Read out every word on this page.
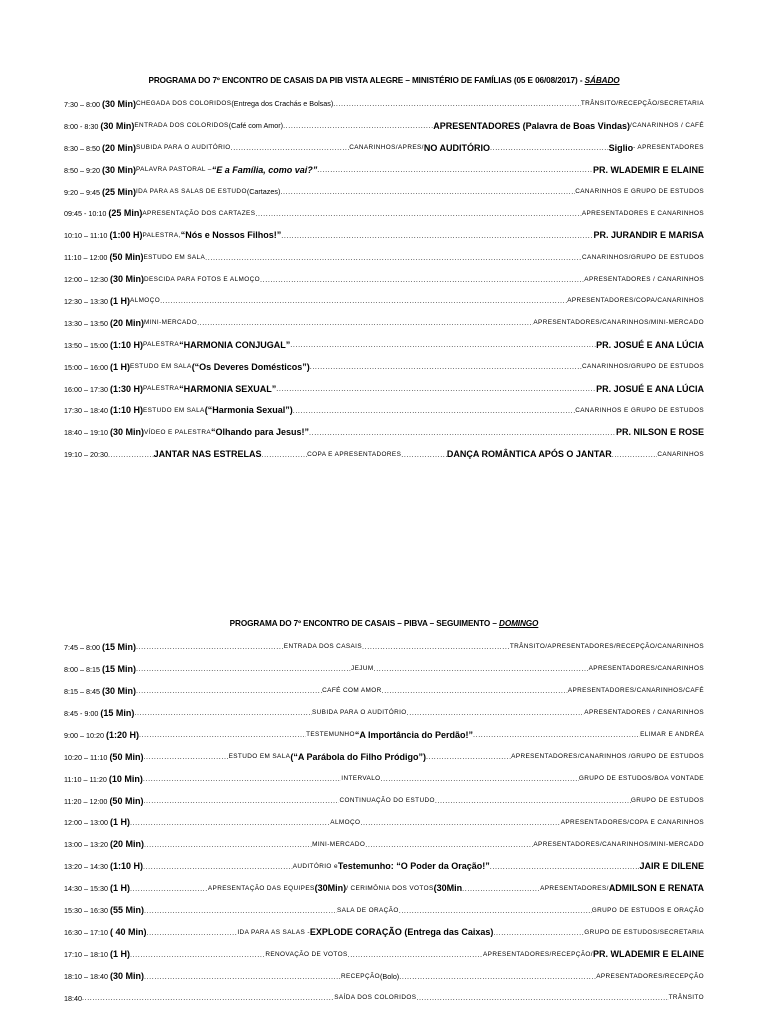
PROGRAMA DO 7º ENCONTRO DE CASAIS DA PIB VISTA ALEGRE – MINISTÉRIO DE FAMÍLIAS (05 E 06/08/2017) - SÁBADO
7:30 – 8:00 (30 Min) CHEGADA DOS COLORIDOS (Entrega dos Crachás e Bolsas) .....	TRÂNSITO/RECEPÇÃO/SECRETARIA
8:00 - 8:30 (30 Min) ENTRADA DOS COLORIDOS (Café com Amor) .....	APRESENTADORES (Palavra de Boas Vindas) /CANARINHOS / CAFÉ
8:30 – 8:50 (20 Min) SUBIDA PARA O AUDITÓRIO .....	CANARINHOS/APRES/ NO AUDITÓRIO .....	Siglio - APRESENTADORES
8:50 – 9:20 (30 Min) PALAVRA PASTORAL – “E a Família, como vai?” .....	PR. WLADEMIR E ELAINE
9:20 – 9:45 (25 Min) IDA PARA AS SALAS DE ESTUDO (Cartazes) .....	CANARINHOS E GRUPO DE ESTUDOS
09:45 - 10:10 (25 Min) APRESENTAÇÃO DOS CARTAZES .....	APRESENTADORES E CANARINHOS
10:10 – 11:10 (1:00 H) PALESTRA, “Nós e Nossos Filhos!” .....	PR. JURANDIR E MARISA
11:10 – 12:00 (50 Min) ESTUDO EM SALA .....	CANARINHOS/GRUPO DE ESTUDOS
12:00 – 12:30 (30 Min) DESCIDA PARA FOTOS E ALMOÇO .....	APRESENTADORES / CANARINHOS
12:30 – 13:30 (1 H) ALMOÇO .....	APRESENTADORES/COPA/CANARINHOS
13:30 – 13:50 (20 Min) MINI-MERCADO .....	APRESENTADORES/CANARINHOS/MINI-MERCADO
13:50 – 15:00 (1:10 H) PALESTRA “HARMONIA CONJUGAL” .....	PR. JOSUÉ E ANA LÚCIA
15:00 – 16:00 (1 H) ESTUDO EM SALA (“Os Deveres Domésticos”) .....	CANARINHOS/GRUPO DE ESTUDOS
16:00 – 17:30 (1:30 H) PALESTRA “HARMONIA SEXUAL” .....	PR. JOSUÉ E ANA LÚCIA
17:30 – 18:40 (1:10 H) ESTUDO EM SALA (“Harmonia Sexual”) .....	CANARINHOS E GRUPO DE ESTUDOS
18:40 – 19:10 (30 Min) VÍDEO E PALESTRA “Olhando para Jesus!” .....	PR. NILSON E ROSE
19:10 – 20:30 .....	JANTAR NAS ESTRELAS .....	COPA E APRESENTADORES .....	DANÇA ROMÂNTICA APÓS O JANTAR .....	CANARINHOS
PROGRAMA DO 7º ENCONTRO DE CASAIS – PIBVA – SEGUIMENTO – DOMINGO
7:45 – 8:00 (15 Min) .....	ENTRADA DOS CASAIS .....	TRÂNSITO/APRESENTADORES/RECEPÇÃO/CANARINHOS
8:00 – 8:15 (15 Min) .....	JEJUM .....	APRESENTADORES/CANARINHOS
8:15 – 8:45 (30 Min) .....	CAFÉ COM AMOR .....	APRESENTADORES/CANARINHOS/CAFÉ
8:45 - 9:00 (15 Min) .....	SUBIDA PARA O AUDITÓRIO .....	APRESENTADORES / CANARINHOS
9:00 – 10:20 (1:20 H) .....	TESTEMUNHO “A Importância do Perdão!” .....	ELIMAR E ANDRÉA
10:20 – 11:10 (50 Min) .....	ESTUDO EM SALA (“A Parábola do Filho Pródigo”) .....	APRESENTADORES/CANARINHOS /GRUPO DE ESTUDOS
11:10 – 11:20 (10 Min) .....	INTERVALO .....	GRUPO DE ESTUDOS/BOA VONTADE
11:20 – 12:00 (50 Min) .....	CONTINUAÇÃO DO ESTUDO .....	GRUPO DE ESTUDOS
12:00 – 13:00 (1 H) .....	ALMOÇO .....	APRESENTADORES/COPA E CANARINHOS
13:00 – 13:20 (20 Min) .....	MINI-MERCADO .....	APRESENTADORES/CANARINHOS/MINI-MERCADO
13:20 – 14:30 (1:10 H) .....	AUDITÓRIO e Testemunho: “O Poder da Oração!” .....	JAIR E DILENE
14:30 – 15:30 (1 H) .....	APRESENTAÇÃO DAS EQUIPES (30Min) / CERIMÔNIA DOS VOTOS (30Min .....	APRESENTADORES/ ADMILSON E RENATA
15:30 – 16:30 (55 Min) .....	SALA DE ORAÇÃO .....	GRUPO DE ESTUDOS E ORAÇÃO
16:30 – 17:10 ( 40 Min) .....	IDA PARA AS SALAS - EXPLODE CORAÇÃO (Entrega das Caixas) .....	GRUPO DE ESTUDOS/SECRETARIA
17:10 – 18:10 (1 H) .....	RENOVAÇÃO DE VOTOS .....	APRESENTADORES/RECEPÇÃO/ PR. WLADEMIR E ELAINE
18:10 – 18:40 (30 Min) .....	RECEPÇÃO (Bolo) .....	APRESENTADORES/RECEPÇÃO
18:40 .....	SAÍDA DOS COLORIDOS .....	TRÂNSITO
